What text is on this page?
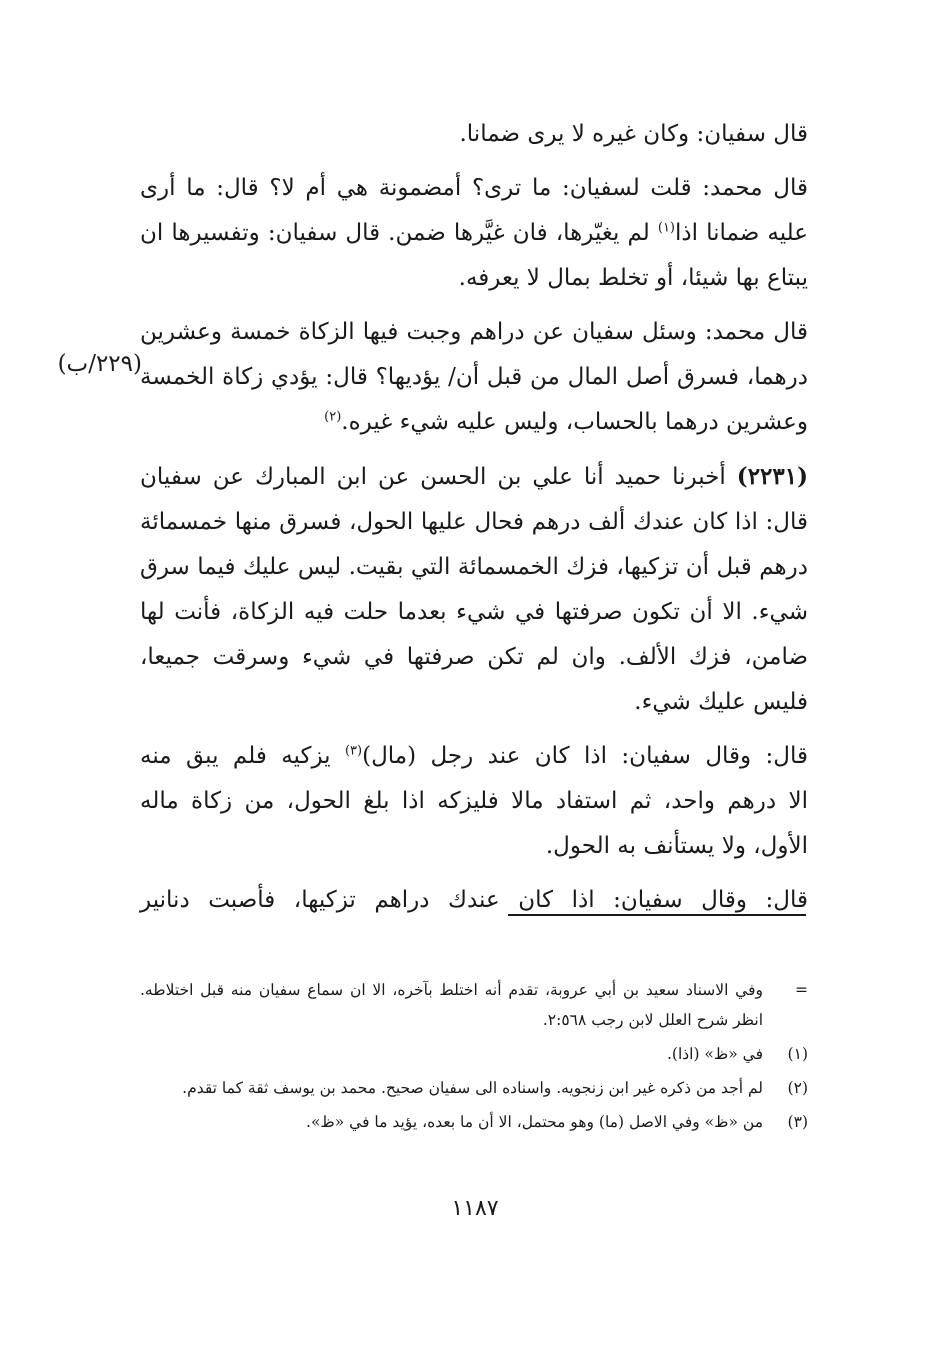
قال سفيان: وكان غيره لا يرى ضمانا.

قال محمد: قلت لسفيان: ما ترى؟ أمضمونة هي أم لا؟ قال: ما أرى
عليه ضمانا اذا$^{(١)}$ لم يغيّرها، فان غيَّرها ضمن. قال سفيان: وتفسيرها ان
يبتاع بها شيئا، أو تخلط بمال لا يعرفه.

قال محمد: وسئل سفيان عن دراهم وجبت فيها الزكاة خمسة وعشرين
درهما، فسرق أصل المال من قبل أن/ يؤديها؟ قال: يؤدي زكاة الخمسة
وعشرين درهما بالحساب، وليس عليه شيء غيره.$^{(٢)}$

(٢٢٣١) أخبرنا حميد أنا علي بن الحسن عن ابن المبارك عن سفيان
قال: اذا كان عندك ألف درهم فحال عليها الحول، فسرق منها خمسمائة
درهم قبل أن تزكيها، فزك الخمسمائة التي بقيت. ليس عليك فيما سرق
شيء. الا أن تكون صرفتها في شيء بعدما حلت فيه الزكاة، فأنت لها
ضامن، فزك الألف. وان لم تكن صرفتها في شيء وسرقت جميعا،
فليس عليك شيء.

قال: وقال سفيان: اذا كان عند رجل (مال)$^{(٣)}$ يزكيه فلم يبق منه
الا درهم واحد، ثم استفاد مالا فليزكه اذا بلغ الحول، من زكاة ماله
الأول، ولا يستأنف به الحول.

قال: وقال سفيان: اذا كان عندك دراهم تزكيها، فأصبت دنانير

(٢٢٩/ب)
=
وفي الاسناد سعيد بن أبي عروبة، تقدم أنه اختلط بآخره، الا ان سماع سفيان منه قبل اختلاطه. انظر شرح العلل لابن رجب ٢:٥٦٨.
(١)
في «ظ» (اذا).
(٢)
لم أجد من ذكره غير ابن زنجويه. واسناده الى سفيان صحيح. محمد بن يوسف ثقة كما تقدم.
(٣)
من «ظ» وفي الاصل (ما) وهو محتمل، الا أن ما بعده، يؤيد ما في «ظ».
١١٨٧
